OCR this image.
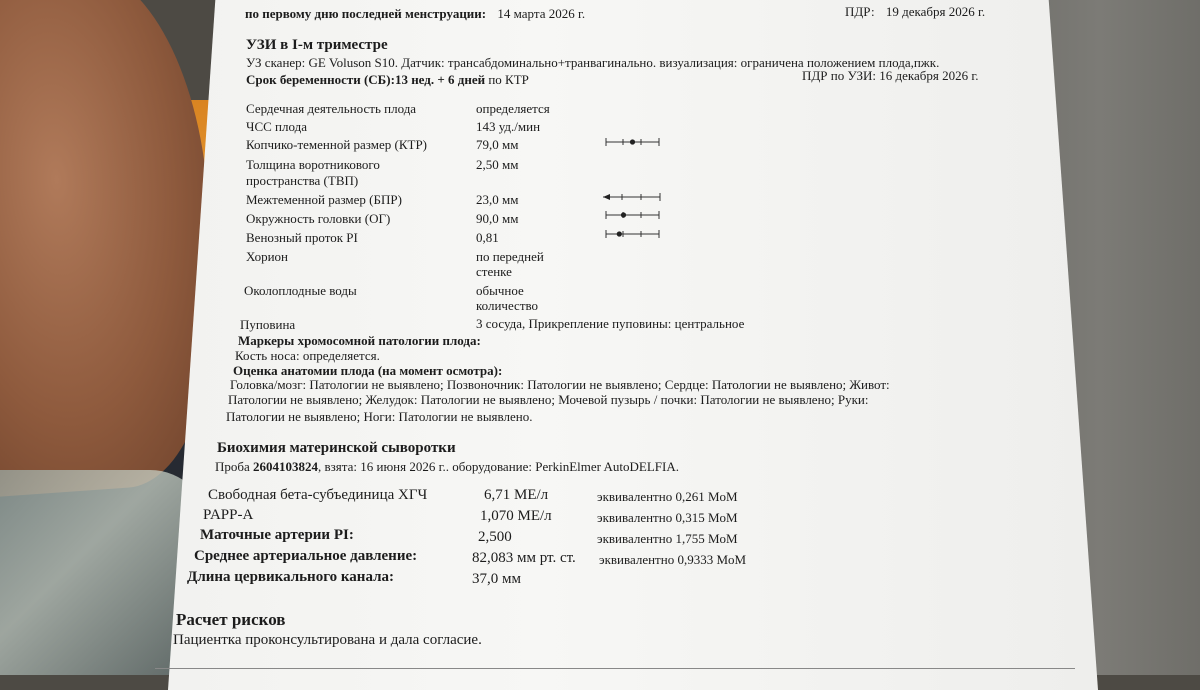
по первому дню последней менструации: 14 марта 2026 г.	ПДР: 19 декабря 2026 г.
УЗИ в I-м триместре
УЗ сканер: GE Voluson S10. Датчик: трансабдоминально+транвагинально. визуализация: ограничена положением плода,пжк.
Срок беременности (СБ):13 нед. + 6 дней по КТР	ПДР по УЗИ: 16 декабря 2026 г.
Сердечная деятельность плода	определяется
ЧСС плода	143 уд./мин
Копчико-теменной размер (КТР)	79,0 мм
Толщина воротникового
пространства (ТВП)
2,50 мм
Межтеменной размер (БПР)	23,0 мм
Окружность головки (ОГ)	90,0 мм
Венозный проток PI	0,81
Хорион	по передней
стенке
Околоплодные воды	обычное
количество
Пуповина	3 сосуда, Прикрепление пуповины: центральное
Маркеры хромосомной патологии плода:
Кость носа: определяется.
Оценка анатомии плода (на момент осмотра):
Головка/мозг: Патологии не выявлено; Позвоночник: Патологии не выявлено; Сердце: Патологии не выявлено; Живот:
Патологии не выявлено; Желудок: Патологии не выявлено; Мочевой пузырь / почки: Патологии не выявлено; Руки:
Патологии не выявлено; Ноги: Патологии не выявлено.
Биохимия материнской сыворотки
Проба 2604103824, взята: 16 июня 2026 г.. оборудование: PerkinElmer AutoDELFIA.
Свободная бета-субъединица ХГЧ	6,71 МЕ/л	эквивалентно 0,261 MoM
PAPP-A	1,070 МЕ/л	эквивалентно 0,315 MoM
Маточные артерии PI:	2,500	эквивалентно 1,755 MoM
Среднее артериальное давление:	82,083 мм рт. ст. эквивалентно 0,9333 MoM
Длина цервикального канала:	37,0 мм
Расчет рисков
Пациентка проконсультирована и дала согласие.
